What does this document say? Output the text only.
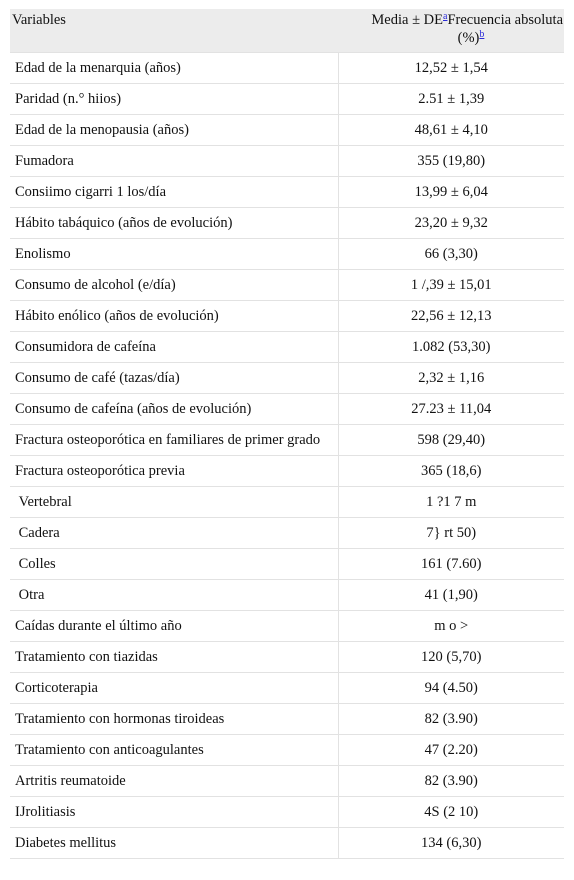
Variables	Media ± DE$^a$Frecuencia absoluta
(%)$^b$

Edad de la menarquia (años)	12,52 ± 1,54
Paridad (n.° hiios)	2.51 ± 1,39
Edad de la menopausia (años)	48,61 ± 4,10
Fumadora	355 (19,80)
Consiimo cigarri 1 los/día	13,99 ± 6,04
Hábito tabáquico (años de evolución)	23,20 ± 9,32
Enolismo	66 (3,30)
Consumo de alcohol (e/día)	1 /,39 ± 15,01
Hábito enólico (años de evolución)	22,56 ± 12,13
Consumidora de cafeína	1.082 (53,30)
Consumo de café (tazas/día)	2,32 ± 1,16
Consumo de cafeína (años de evolución)	27.23 ± 11,04
Fractura osteoporótica en familiares de primer grado	598 (29,40)
Fractura osteoporótica previa	365 (18,6)
Vertebral	1 ?1 7 m
Cadera	7} rt 50)
Colles	161 (7.60)
Otra	41 (1,90)
Caídas durante el último año	m o >
Tratamiento con tiazidas	120 (5,70)
Corticoterapia	94 (4.50)
Tratamiento con hormonas tiroideas	82 (3.90)
Tratamiento con anticoagulantes	47 (2.20)
Artritis reumatoide	82 (3.90)
IJrolitiasis	4S (2 10)
Diabetes mellitus	134 (6,30)
